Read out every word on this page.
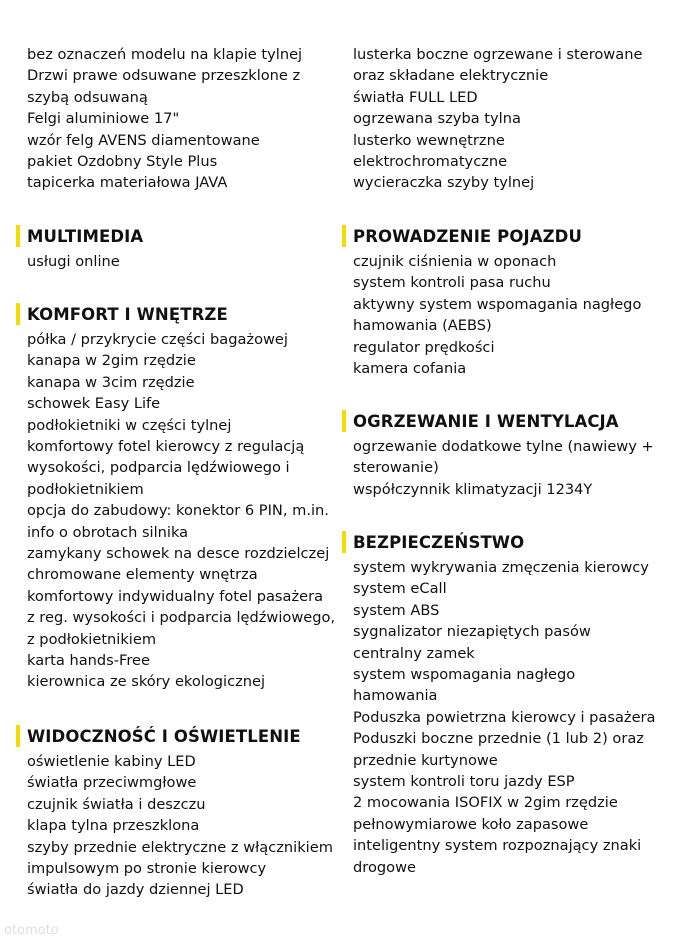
bez oznaczeń modelu na klapie tylnej
Drzwi prawe odsuwane przeszklone z
szybą odsuwaną
Felgi aluminiowe 17"
wzór felg AVENS diamentowane
pakiet Ozdobny Style Plus
tapicerka materiałowa JAVA
MULTIMEDIA
usługi online
KOMFORT I WNĘTRZE
półka / przykrycie części bagażowej
kanapa w 2gim rzędzie
kanapa w 3cim rzędzie
schowek Easy Life
podłokietniki w części tylnej
komfortowy fotel kierowcy z regulacją
wysokości, podparcia lędźwiowego i
podłokietnikiem
opcja do zabudowy: konektor 6 PIN, m.in.
info o obrotach silnika
zamykany schowek na desce rozdzielczej
chromowane elementy wnętrza
komfortowy indywidualny fotel pasażera
z reg. wysokości i podparcia lędźwiowego,
z podłokietnikiem
karta hands-Free
kierownica ze skóry ekologicznej
WIDOCZNOŚĆ I OŚWIETLENIE
oświetlenie kabiny LED
światła przeciwmgłowe
czujnik światła i deszczu
klapa tylna przeszklona
szyby przednie elektryczne z włącznikiem
impulsowym po stronie kierowcy
światła do jazdy dziennej LED
lusterka boczne ogrzewane i sterowane
oraz składane elektrycznie
światła FULL LED
ogrzewana szyba tylna
lusterko wewnętrzne
elektrochromatyczne
wycieraczka szyby tylnej
PROWADZENIE POJAZDU
czujnik ciśnienia w oponach
system kontroli pasa ruchu
aktywny system wspomagania nagłego
hamowania (AEBS)
regulator prędkości
kamera cofania
OGRZEWANIE I WENTYLACJA
ogrzewanie dodatkowe tylne (nawiewy +
sterowanie)
współczynnik klimatyzacji 1234Y
BEZPIECZEŃSTWO
system wykrywania zmęczenia kierowcy
system eCall
system ABS
sygnalizator niezapiętych pasów
centralny zamek
system wspomagania nagłego
hamowania
Poduszka powietrzna kierowcy i pasażera
Poduszki boczne przednie (1 lub 2) oraz
przednie kurtynowe
system kontroli toru jazdy ESP
2 mocowania ISOFIX w 2gim rzędzie
pełnowymiarowe koło zapasowe
inteligentny system rozpoznający znaki
drogowe
otomoto
